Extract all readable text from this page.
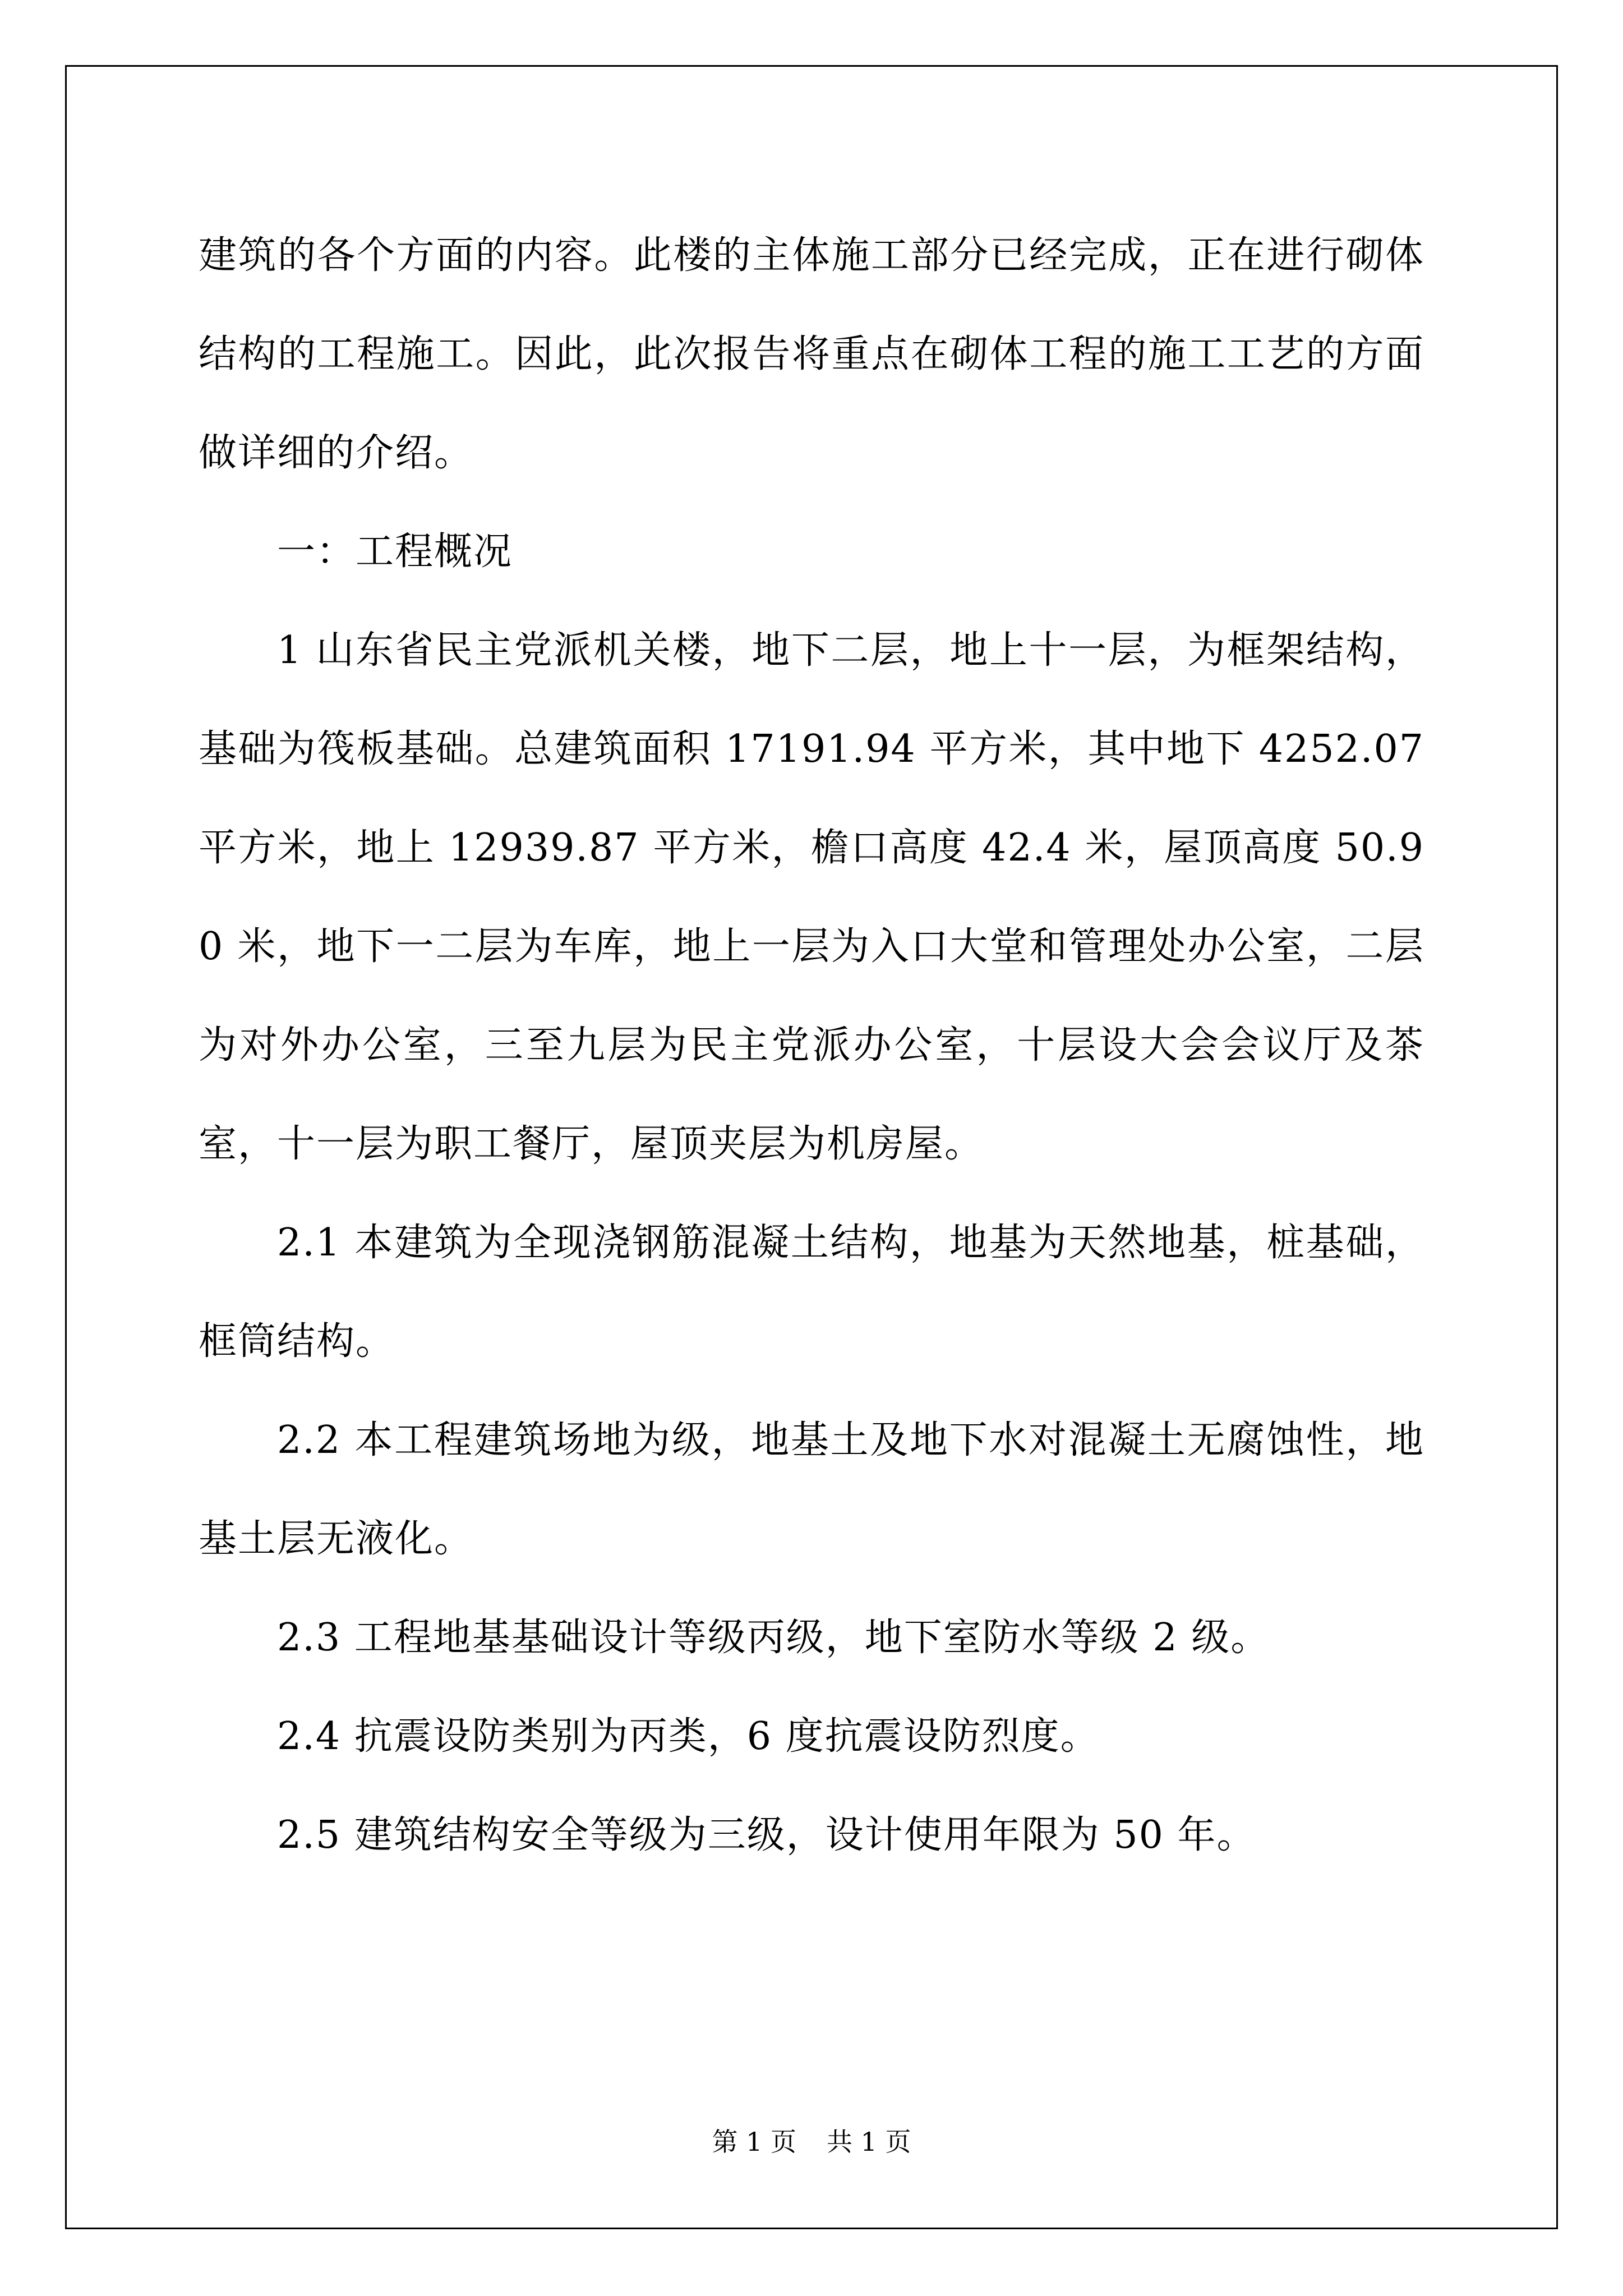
建筑的各个方面的内容。此楼的主体施工部分已经完成，正在进行砌体结构的工程施工。因此，此次报告将重点在砌体工程的施工工艺的方面做详细的介绍。

一：工程概况

1 山东省民主党派机关楼，地下二层，地上十一层，为框架结构，基础为筏板基础。总建筑面积 17191.94 平方米，其中地下 4252.07 平方米，地上 12939.87 平方米，檐口高度 42.4 米，屋顶高度 50.90 米，地下一二层为车库，地上一层为入口大堂和管理处办公室，二层为对外办公室，三至九层为民主党派办公室，十层设大会会议厅及茶室，十一层为职工餐厅，屋顶夹层为机房屋。

2.1 本建筑为全现浇钢筋混凝土结构，地基为天然地基，桩基础，框筒结构。

2.2 本工程建筑场地为级，地基土及地下水对混凝土无腐蚀性，地基土层无液化。

2.3 工程地基基础设计等级丙级，地下室防水等级 2 级。

2.4 抗震设防类别为丙类，6 度抗震设防烈度。

2.5 建筑结构安全等级为三级，设计使用年限为 50 年。

第 1 页 共 1 页
